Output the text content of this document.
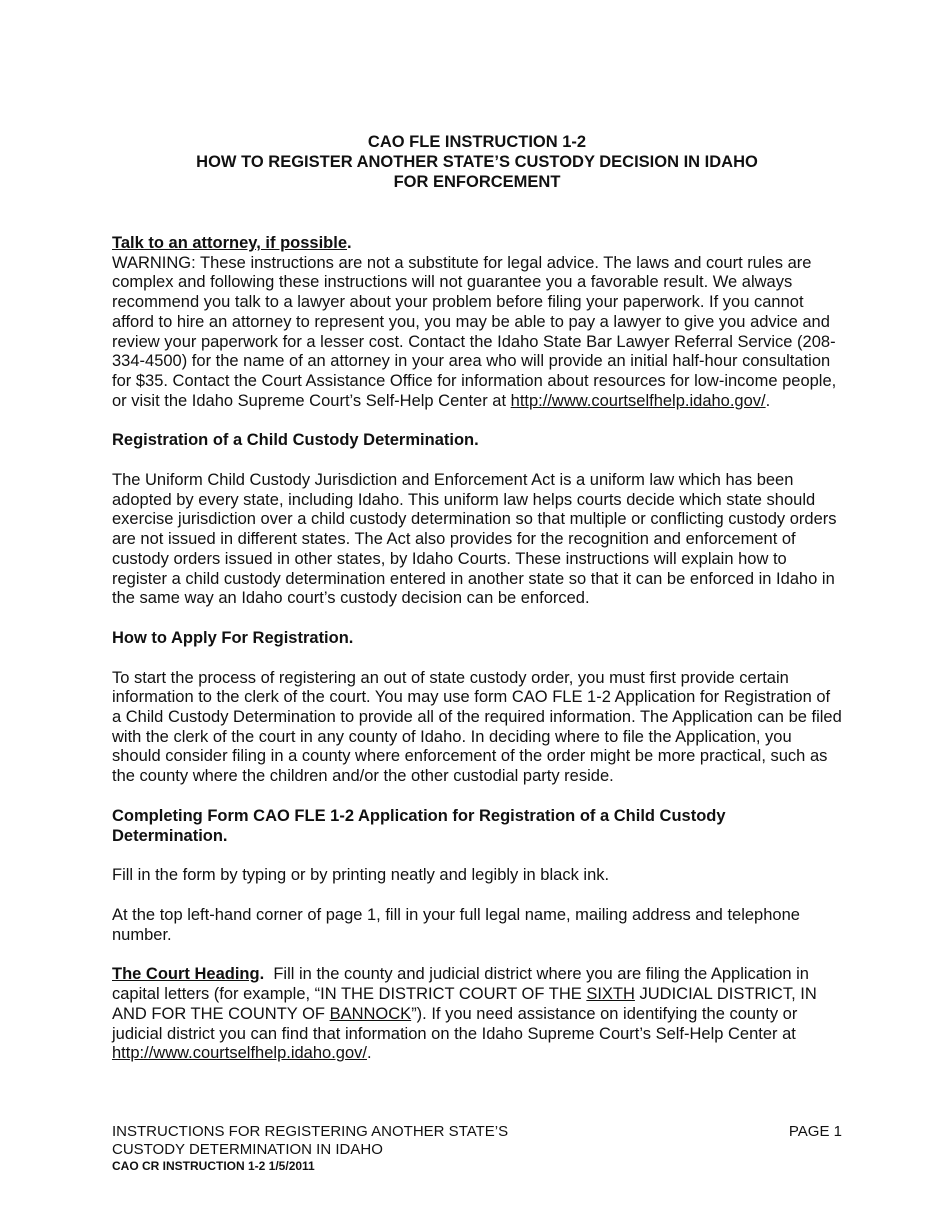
CAO FLE INSTRUCTION 1-2
HOW TO REGISTER ANOTHER STATE’S CUSTODY DECISION IN IDAHO
FOR ENFORCEMENT

Talk to an attorney, if possible.
WARNING: These instructions are not a substitute for legal advice. The laws and court rules are complex and following these instructions will not guarantee you a favorable result. We always recommend you talk to a lawyer about your problem before filing your paperwork. If you cannot afford to hire an attorney to represent you, you may be able to pay a lawyer to give you advice and review your paperwork for a lesser cost. Contact the Idaho State Bar Lawyer Referral Service (208-334-4500) for the name of an attorney in your area who will provide an initial half-hour consultation for $35. Contact the Court Assistance Office for information about resources for low-income people, or visit the Idaho Supreme Court’s Self-Help Center at http://www.courtselfhelp.idaho.gov/.

Registration of a Child Custody Determination.

The Uniform Child Custody Jurisdiction and Enforcement Act is a uniform law which has been adopted by every state, including Idaho. This uniform law helps courts decide which state should exercise jurisdiction over a child custody determination so that multiple or conflicting custody orders are not issued in different states. The Act also provides for the recognition and enforcement of custody orders issued in other states, by Idaho Courts. These instructions will explain how to register a child custody determination entered in another state so that it can be enforced in Idaho in the same way an Idaho court’s custody decision can be enforced.

How to Apply For Registration.

To start the process of registering an out of state custody order, you must first provide certain information to the clerk of the court. You may use form CAO FLE 1-2 Application for Registration of a Child Custody Determination to provide all of the required information. The Application can be filed with the clerk of the court in any county of Idaho. In deciding where to file the Application, you should consider filing in a county where enforcement of the order might be more practical, such as the county where the children and/or the other custodial party reside.

Completing Form CAO FLE 1-2 Application for Registration of a Child Custody Determination.

Fill in the form by typing or by printing neatly and legibly in black ink.

At the top left-hand corner of page 1, fill in your full legal name, mailing address and telephone number.

The Court Heading.  Fill in the county and judicial district where you are filing the Application in capital letters (for example, “IN THE DISTRICT COURT OF THE SIXTH JUDICIAL DISTRICT, IN AND FOR THE COUNTY OF BANNOCK”). If you need assistance on identifying the county or judicial district you can find that information on the Idaho Supreme Court’s Self-Help Center at http://www.courtselfhelp.idaho.gov/.

INSTRUCTIONS FOR REGISTERING ANOTHER STATE’S
CUSTODY DETERMINATION IN IDAHO
CAO CR INSTRUCTION 1-2 1/5/2011
PAGE 1
